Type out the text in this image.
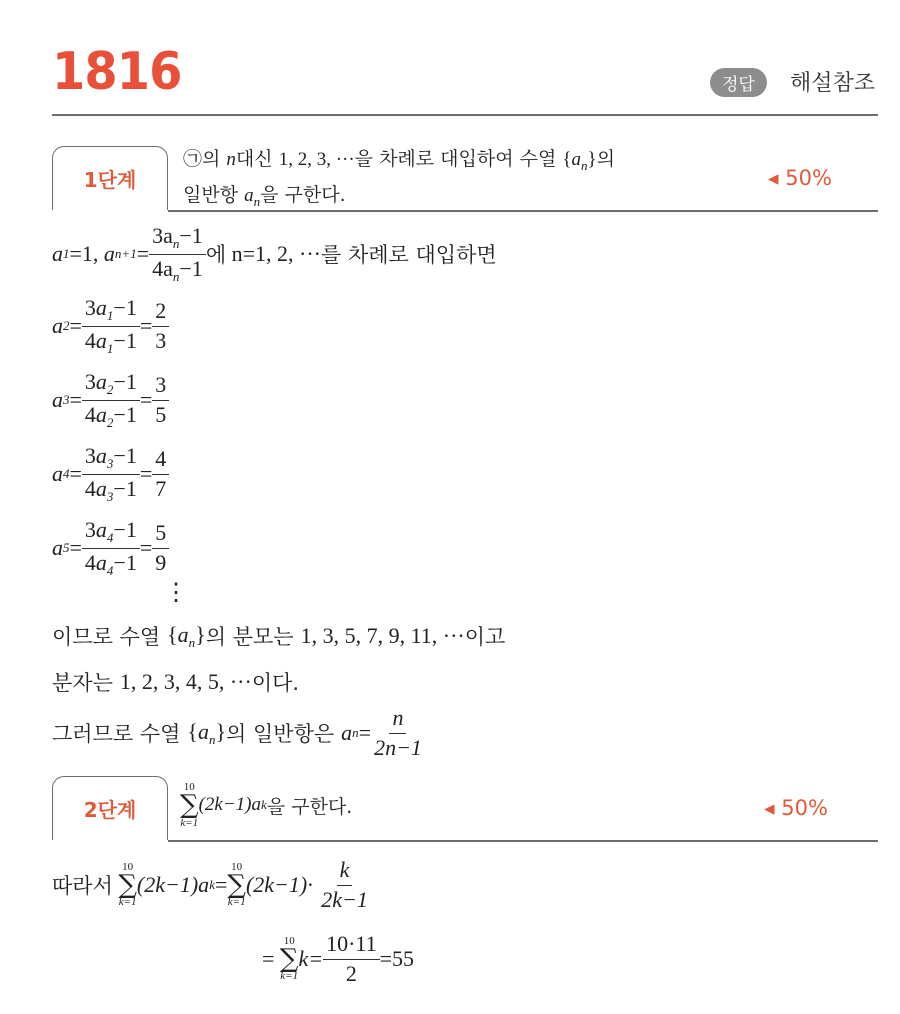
1816	정답	해설참조
1단계
㉠의 n대신 1, 2, 3, ···을 차례로 대입하여 수열 $\{a_n\}$의
일반항 $a_n$을 구한다.
◂ 50%
a 1 =1,
a $n+1 = \frac{3a_n-1}{4a_n-1}$ 에
n=1, 2, ··· 를 차례로 대입하면
a $2 = \frac{3a_1-1}{4a_1-1} = \frac{2}{3}$
a $3 = \frac{3a_2-1}{4a_2-1} = \frac{3}{5}$
a $4 = \frac{3a_3-1}{4a_3-1} = \frac{4}{7}$
a $5 = \frac{3a_4-1}{4a_4-1} = \frac{5}{9}$
⋮
이므로 수열
$\{a_n\}$ 의 분모는
1, 3, 5, 7, 9, 11, ··· 이고
분자는
1, 2, 3, 4, 5, ··· 이다.
그러므로 수열
$\{a_n\}$ 의 일반항은
a $n = \frac{n}{2n-1}$
2단계
10
∑
k=1
(2k−1)a k 을 구한다.	◂ 50%
따라서

10
∑
k=1
(2k−1)a k =
10
∑
k=1
(2k−1)·
$\frac{k}{2k-1}$
=

10
∑
k=1
$k= \frac{10\cdot 11}{2} =55$
